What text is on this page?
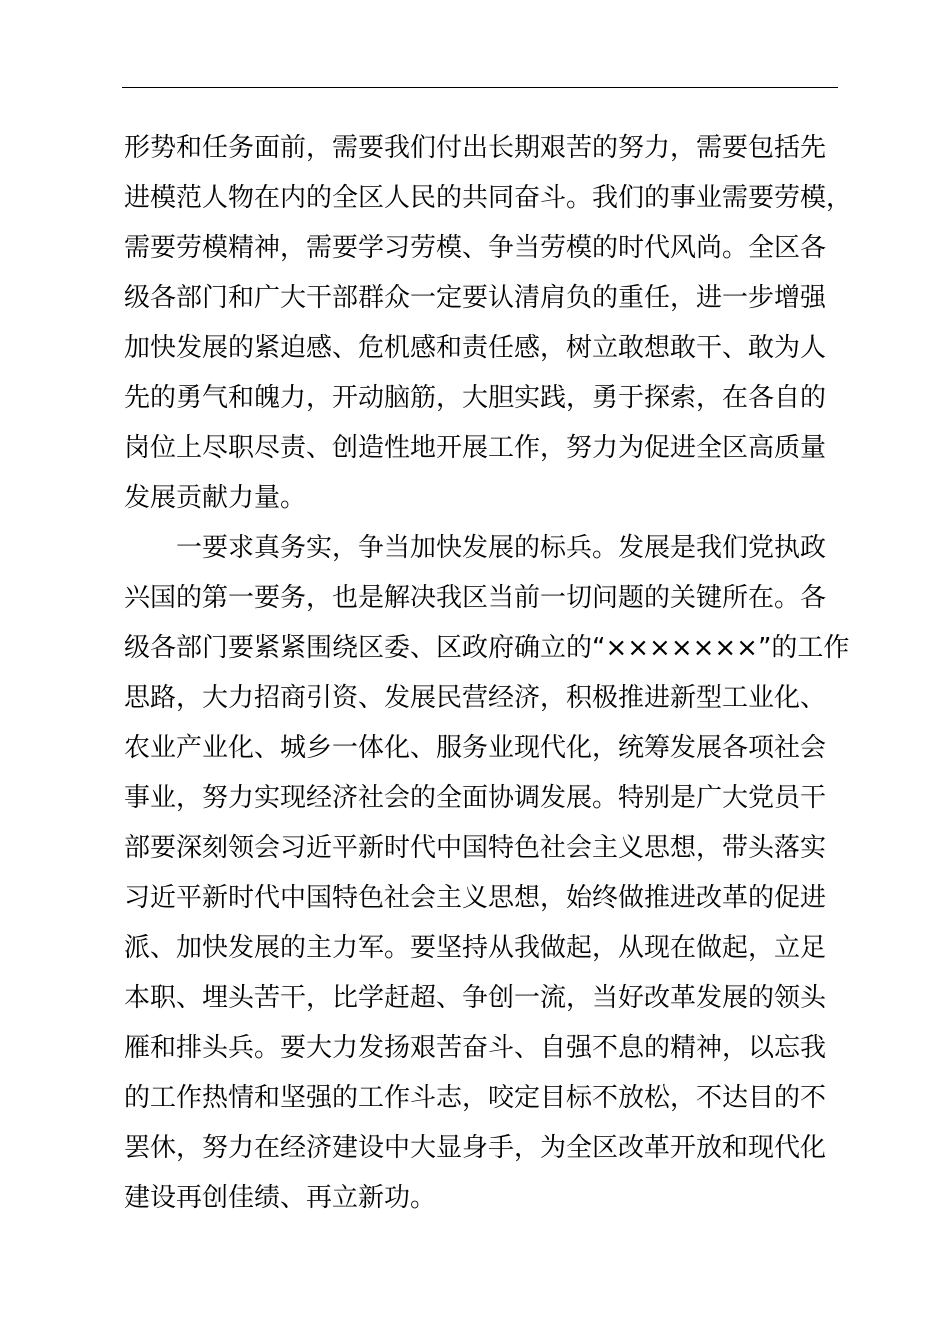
形势和任务面前，需要我们付出长期艰苦的努力，需要包括先
进模范人物在内的全区人民的共同奋斗。我们的事业需要劳模，
需要劳模精神，需要学习劳模、争当劳模的时代风尚。全区各
级各部门和广大干部群众一定要认清肩负的重任，进一步增强
加快发展的紧迫感、危机感和责任感，树立敢想敢干、敢为人
先的勇气和魄力，开动脑筋，大胆实践，勇于探索，在各自的
岗位上尽职尽责、创造性地开展工作，努力为促进全区高质量
发展贡献力量。
　　一要求真务实，争当加快发展的标兵。发展是我们党执政
兴国的第一要务，也是解决我区当前一切问题的关键所在。各
级各部门要紧紧围绕区委、区政府确立的“×××××××”的工作
思路，大力招商引资、发展民营经济，积极推进新型工业化、
农业产业化、城乡一体化、服务业现代化，统筹发展各项社会
事业，努力实现经济社会的全面协调发展。特别是广大党员干
部要深刻领会习近平新时代中国特色社会主义思想，带头落实
习近平新时代中国特色社会主义思想，始终做推进改革的促进
派、加快发展的主力军。要坚持从我做起，从现在做起，立足
本职、埋头苦干，比学赶超、争创一流，当好改革发展的领头
雁和排头兵。要大力发扬艰苦奋斗、自强不息的精神，以忘我
的工作热情和坚强的工作斗志，咬定目标不放松，不达目的不
罢休，努力在经济建设中大显身手，为全区改革开放和现代化
建设再创佳绩、再立新功。
